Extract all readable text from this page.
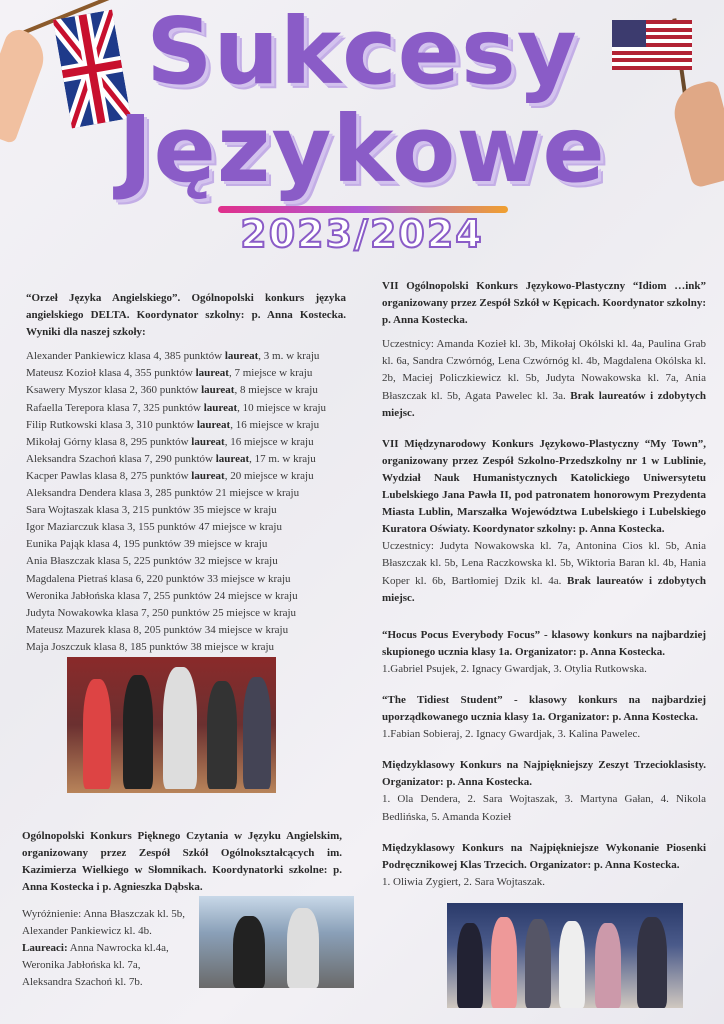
Sukcesy
Językowe
2023/2024

“Orzeł Języka Angielskiego”. Ogólnopolski konkurs języka angielskiego DELTA. Koordynator szkolny: p. Anna Kostecka. Wyniki dla naszej szkoły:

Alexander Pankiewicz klasa 4, 385 punktów laureat, 3 m. w kraju
Mateusz Kozioł klasa 4, 355 punktów laureat, 7 miejsce w kraju
Ksawery Myszor klasa 2, 360 punktów laureat, 8 miejsce w kraju
Rafaella Terepora klasa 7, 325 punktów laureat, 10 miejsce w kraju
Filip Rutkowski klasa 3, 310 punktów laureat, 16 miejsce w kraju
Mikołaj Górny klasa 8, 295 punktów laureat, 16 miejsce w kraju
Aleksandra Szachoń klasa 7, 290 punktów laureat, 17 m. w kraju
Kacper Pawlas klasa 8, 275 punktów laureat, 20 miejsce w kraju
Aleksandra Dendera klasa 3, 285 punktów 21 miejsce w kraju
Sara Wojtaszak klasa 3, 215 punktów 35 miejsce w kraju
Igor Maziarczuk klasa 3, 155 punktów 47 miejsce w kraju
Eunika Pająk klasa 4, 195 punktów 39 miejsce w kraju
Ania Błaszczak klasa 5, 225 punktów 32 miejsce w kraju
Magdalena Pietraś klasa 6, 220 punktów 33 miejsce w kraju
Weronika Jabłońska klasa 7, 255 punktów 24 miejsce w kraju
Judyta Nowakowka klasa 7, 250 punktów 25 miejsce w kraju
Mateusz Mazurek klasa 8, 205 punktów 34 miejsce w kraju
Maja Joszczuk klasa 8, 185 punktów 38 miejsce w kraju

Ogólnopolski Konkurs Pięknego Czytania w Języku Angielskim, organizowany przez Zespół Szkół Ogólnokształcących im. Kazimierza Wielkiego w Słomnikach. Koordynatorki szkolne: p. Anna Kostecka i p. Agnieszka Dąbska.

Wyróżnienie: Anna Błaszczak kl. 5b, Alexander Pankiewicz kl. 4b.

Laureaci: Anna Nawrocka kl.4a, Weronika Jabłońska kl. 7a, Aleksandra Szachoń kl. 7b.

VII Ogólnopolski Konkurs Językowo-Plastyczny “Idiom …ink” organizowany przez Zespół Szkół w Kępicach. Koordynator szkolny: p. Anna Kostecka.

Uczestnicy: Amanda Kozieł kl. 3b, Mikołaj Okólski kl. 4a, Paulina Grab kl. 6a, Sandra Czwórnóg, Lena Czwórnóg kl. 4b, Magdalena Okólska kl. 2b, Maciej Policzkiewicz kl. 5b, Judyta Nowakowska kl. 7a, Ania Błaszczak kl. 5b, Agata Pawelec kl. 3a. Brak laureatów i zdobytych miejsc.

VII Międzynarodowy Konkurs Językowo-Plastyczny “My Town”, organizowany przez Zespół Szkolno-Przedszkolny nr 1 w Lublinie, Wydział Nauk Humanistycznych Katolickiego Uniwersytetu Lubelskiego Jana Pawła II, pod patronatem honorowym Prezydenta Miasta Lublin, Marszałka Województwa Lubelskiego i Lubelskiego Kuratora Oświaty. Koordynator szkolny: p. Anna Kostecka.

Uczestnicy: Judyta Nowakowska kl. 7a, Antonina Cios kl. 5b, Ania Błaszczak kl. 5b, Lena Raczkowska kl. 5b, Wiktoria Baran kl. 4b, Hania Koper kl. 6b, Bartłomiej Dzik kl. 4a. Brak laureatów i zdobytych miejsc.

“Hocus Pocus Everybody Focus” - klasowy konkurs na najbardziej skupionego ucznia klasy 1a. Organizator: p. Anna Kostecka.

1.Gabriel Psujek, 2. Ignacy Gwardjak, 3. Otylia Rutkowska.

“The Tidiest Student” - klasowy konkurs na najbardziej uporządkowanego ucznia klasy 1a. Organizator: p. Anna Kostecka.

1.Fabian Sobieraj, 2. Ignacy Gwardjak, 3. Kalina Pawelec.

Międzyklasowy Konkurs na Najpiękniejszy Zeszyt Trzecioklasisty. Organizator: p. Anna Kostecka.

1. Ola Dendera, 2. Sara Wojtaszak, 3. Martyna Gałan, 4. Nikola Bedlińska, 5. Amanda Kozieł

Międzyklasowy Konkurs na Najpiękniejsze Wykonanie Piosenki Podręcznikowej Klas Trzecich. Organizator: p. Anna Kostecka.

1. Oliwia Zygiert, 2. Sara Wojtaszak.
